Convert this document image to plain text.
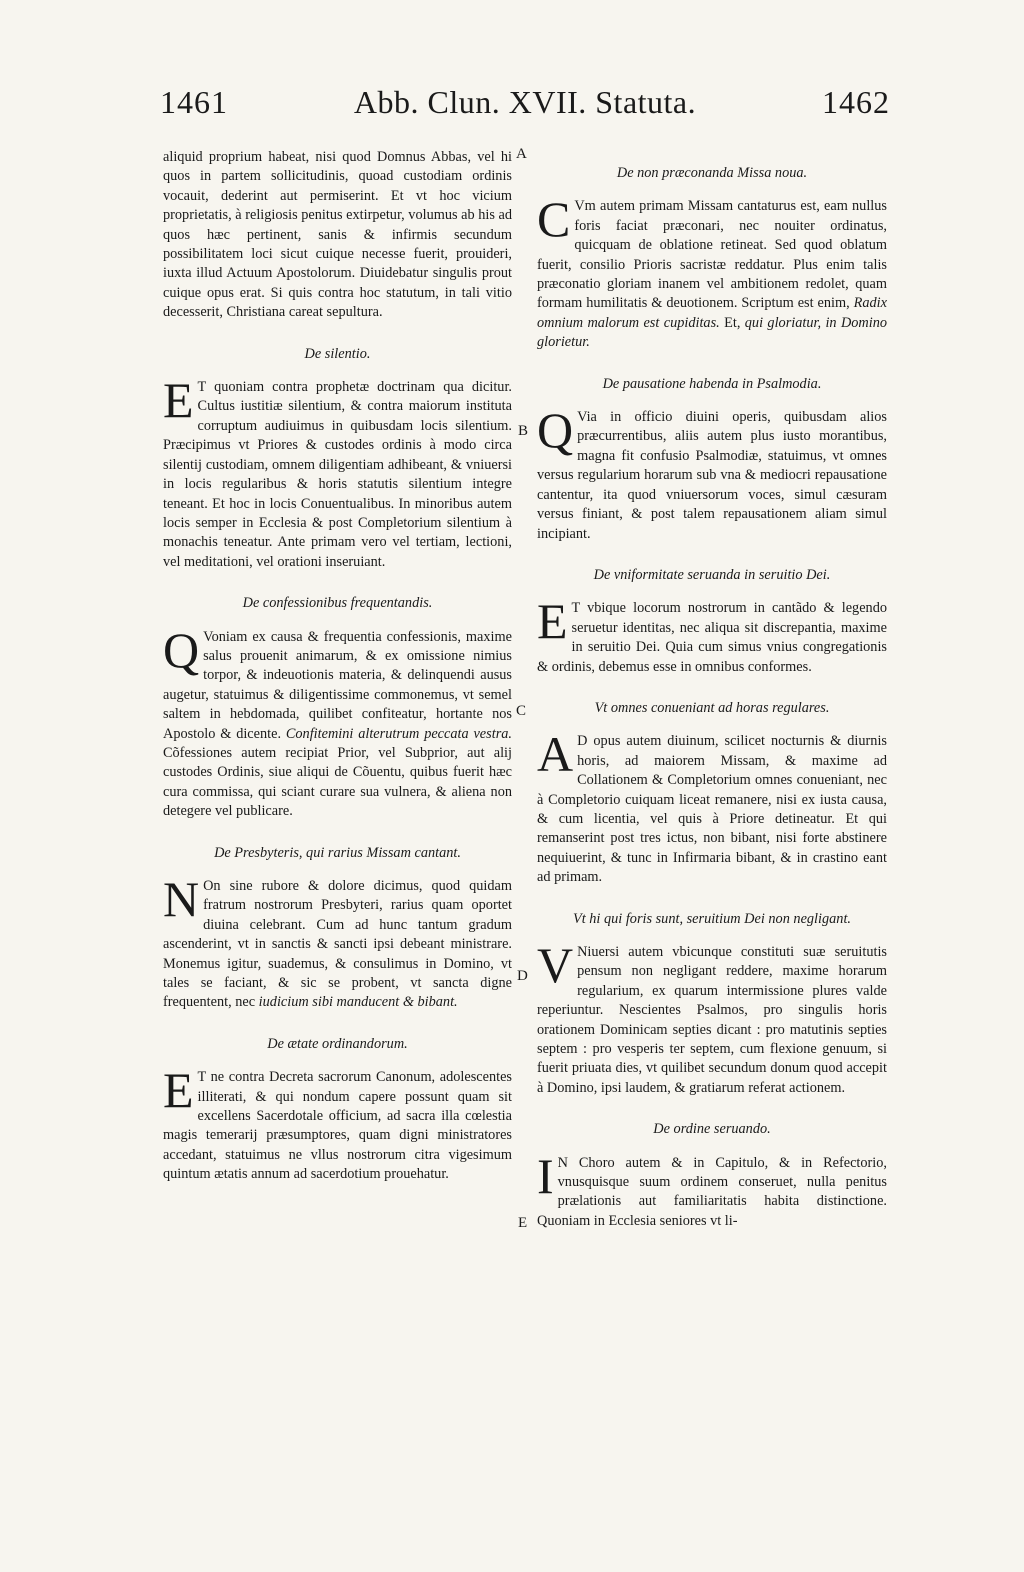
1461	Abb. Clun. XVII. Statuta.	1462
A
B
C
D
E

aliquid proprium habeat, nisi quod Domnus Abbas, vel hi quos in partem sollicitudinis, quoad custodiam ordinis vocauit, dederint aut permiserint. Et vt hoc vicium proprietatis, à religiosis penitus extirpetur, volumus ab his ad quos hæc pertinent, sanis & infirmis secundum possibilitatem loci sicut cuique necesse fuerit, prouideri, iuxta illud Actuum Apostolorum. Diuidebatur singulis prout cuique opus erat. Si quis contra hoc statutum, in tali vitio decesserit, Christiana careat sepultura.

De silentio.

E T quoniam contra prophetæ doctrinam qua dicitur. Cultus iustitiæ silentium, & contra maiorum instituta corruptum audiuimus in quibusdam locis silentium. Præcipimus vt Priores & custodes ordinis à modo circa silentij custodiam, omnem diligentiam adhibeant, & vniuersi in locis regularibus & horis statutis silentium integre teneant. Et hoc in locis Conuentualibus. In minoribus autem locis semper in Ecclesia & post Completorium silentium à monachis teneatur. Ante primam vero vel tertiam, lectioni, vel meditationi, vel orationi inseruiant.

De confessionibus frequentandis.

Q Voniam ex causa & frequentia confessionis, maxime salus prouenit animarum, & ex omissione nimius torpor, & indeuotionis materia, & delinquendi ausus augetur, statuimus & diligentissime commonemus, vt semel saltem in hebdomada, quilibet confiteatur, hortante nos Apostolo & dicente. Confitemini alterutrum peccata vestra. Cõfessiones autem recipiat Prior, vel Subprior, aut alij custodes Ordinis, siue aliqui de Cõuentu, quibus fuerit hæc cura commissa, qui sciant curare sua vulnera, & aliena non detegere vel publicare.

De Presbyteris, qui rarius Missam cantant.

N On sine rubore & dolore dicimus, quod quidam fratrum nostrorum Presbyteri, rarius quam oportet diuina celebrant. Cum ad hunc tantum gradum ascenderint, vt in sanctis & sancti ipsi debeant ministrare. Monemus igitur, suademus, & consulimus in Domino, vt tales se faciant, & sic se probent, vt sancta digne frequentent, nec iudicium sibi manducent & bibant.

De ætate ordinandorum.

E T ne contra Decreta sacrorum Canonum, adolescentes illiterati, & qui nondum capere possunt quam sit excellens Sacerdotale officium, ad sacra illa cœlestia magis temerarij præsumptores, quam digni ministratores accedant, statuimus ne vllus nostrorum citra vigesimum quintum ætatis annum ad sacerdotium prouehatur.

De non præconanda Missa noua.

C Vm autem primam Missam cantaturus est, eam nullus foris faciat præconari, nec nouiter ordinatus, quicquam de oblatione retineat. Sed quod oblatum fuerit, consilio Prioris sacristæ reddatur. Plus enim talis præconatio gloriam inanem vel ambitionem redolet, quam formam humilitatis & deuotionem. Scriptum est enim, Radix omnium malorum est cupiditas. Et, qui gloriatur, in Domino glorietur.

De pausatione habenda in Psalmodia.

Q Via in officio diuini operis, quibusdam alios præcurrentibus, aliis autem plus iusto morantibus, magna fit confusio Psalmodiæ, statuimus, vt omnes versus regularium horarum sub vna & mediocri repausatione cantentur, ita quod vniuersorum voces, simul cæsuram versus finiant, & post talem repausationem aliam simul incipiant.

De vniformitate seruanda in seruitio Dei.

E T vbique locorum nostrorum in cantãdo & legendo seruetur identitas, nec aliqua sit discrepantia, maxime in seruitio Dei. Quia cum simus vnius congregationis & ordinis, debemus esse in omnibus conformes.

Vt omnes conueniant ad horas regulares.

A D opus autem diuinum, scilicet nocturnis & diurnis horis, ad maiorem Missam, & maxime ad Collationem & Completorium omnes conueniant, nec à Completorio cuiquam liceat remanere, nisi ex iusta causa, & cum licentia, vel quis à Priore detineatur. Et qui remanserint post tres ictus, non bibant, nisi forte abstinere nequiuerint, & tunc in Infirmaria bibant, & in crastino eant ad primam.

Vt hi qui foris sunt, seruitium Dei non negligant.

V Niuersi autem vbicunque constituti suæ seruitutis pensum non negligant reddere, maxime horarum regularium, ex quarum intermissione plures valde reperiuntur. Nescientes Psalmos, pro singulis horis orationem Dominicam septies dicant : pro matutinis septies septem : pro vesperis ter septem, cum flexione genuum, si fuerit priuata dies, vt quilibet secundum donum quod accepit à Domino, ipsi laudem, & gratiarum referat actionem.

De ordine seruando.

I N Choro autem & in Capitulo, & in Refectorio, vnusquisque suum ordinem conseruet, nulla penitus prælationis aut familiaritatis habita distinctione. Quoniam in Ecclesia seniores vt li-
